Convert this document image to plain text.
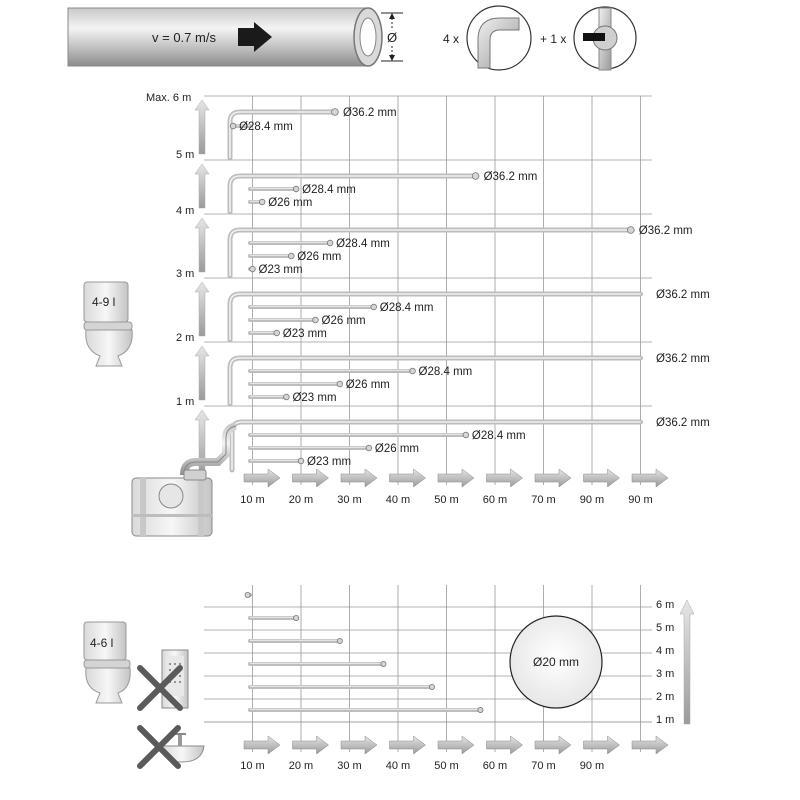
v = 0.7 m/s	Ø	4 x	+ 1 x
Max. 6 m
5 m
4 m
3 m
2 m
1 m
10 m 20 m 30 m 40 m 50 m 60 m 70 m 90 m 90 m
Ø36.2 mm
Ø28.4 mm
Ø36.2 mm
Ø28.4 mm
Ø26 mm
Ø36.2 mm
Ø28.4 mm
Ø26 mm
Ø23 mm
Ø36.2 mm
Ø28.4 mm
Ø26 mm
Ø23 mm
Ø36.2 mm
Ø28.4 mm
Ø26 mm
Ø23 mm
Ø36.2 mm
Ø28.4 mm
Ø26 mm
Ø23 mm
4-9 l
6 m
5 m
4 m
3 m
2 m
1 m
10 m 20 m 30 m 40 m 50 m 60 m 70 m 90 m
Ø20 mm
4-6 l
